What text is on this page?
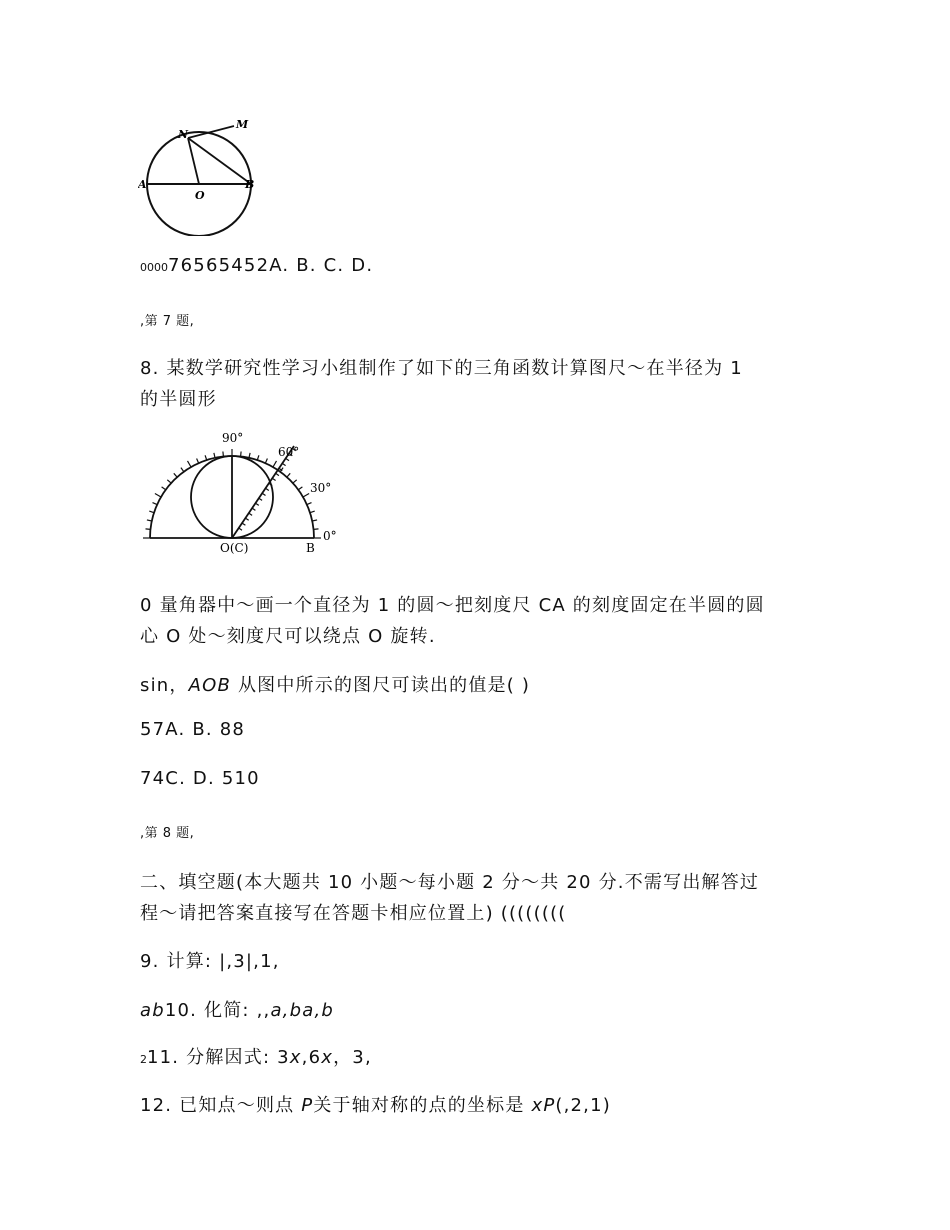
N
M
A
O
B
000076565452A. B. C. D.
,第 7 题,
8. 某数学研究性学习小组制作了如下的三角函数计算图尺～在半径为 1
的半圆形
90°
60°
30°
0°
O(C)	B
0 量角器中～画一个直径为 1 的圆～把刻度尺 CA 的刻度固定在半圆的圆
心 O 处～刻度尺可以绕点 O 旋转.
sin，AOB 从图中所示的图尺可读出的值是( )
57A. B. 88
74C. D. 510
,第 8 题,
二、填空题(本大题共 10 小题～每小题 2 分～共 20 分.不需写出解答过
程～请把答案直接写在答题卡相应位置上) ((((((((
9. 计算: |,3|,1,
ab10. 化简: ,,a,ba,b
211. 分解因式: 3x,6x，3,
12. 已知点～则点 P关于轴对称的点的坐标是 xP(,2,1)
